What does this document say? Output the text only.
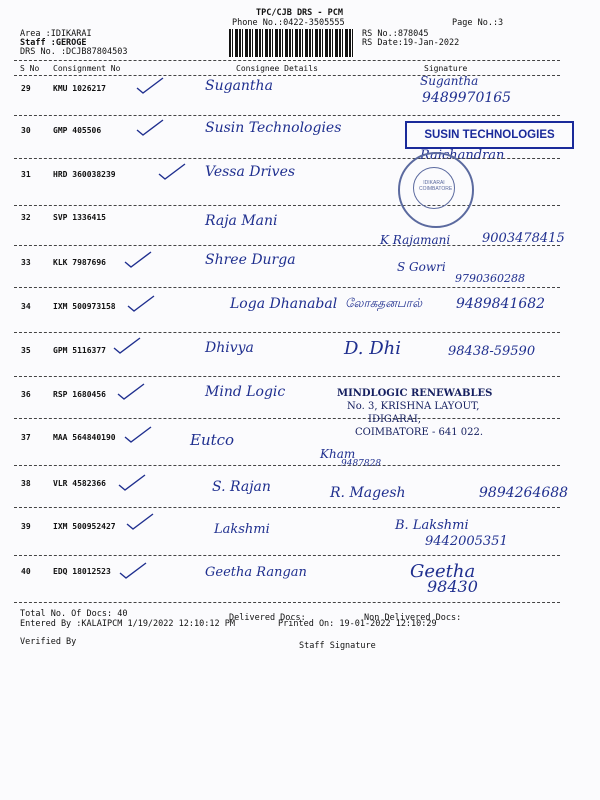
TPC/CJB DRS - PCM
Phone No.:0422-3505555	Page No.:3
Area :IDIKARAI
Staff :GEROGE
DRS No. :DCJB87804503
RS No.:878045
RS Date:19-Jan-2022
S No Consignment No	Consignee Details	Signature
29	KMU 1026217	Sugantha	Sugantha
9489970165
30	GMP 405506	Susin Technologies
Raichandran
31	HRD 360038239	Vessa Drives
32	SVP 1336415	Raja Mani
K Rajamani 9003478415
33	KLK 7987696	Shree Durga	S Gowri
9790360288
34	IXM 500973158	Loga Dhanabal லோகதனபால் 9489841682
35	GPM 5116377	Dhivya	D. Dhi	98438-59590
36	RSP 1680456	Mind Logic
37	MAA 564840190	Eutco
Kham
9487828
38	VLR 4582366	S. Rajan	R. Magesh	9894264688
39	IXM 500952427	Lakshmi	B. Lakshmi
9442005351
40	EDQ 18012523	Geetha Rangan	Geetha
98430
SUSIN TECHNOLOGIES
IDIKARAI COIMBATORE
MINDLOGIC RENEWABLES
No. 3, KRISHNA LAYOUT,
IDIGARAI,
COIMBATORE - 641 022.
Total No. Of Docs: 40	Delivered Docs:	Non Delivered Docs:
Entered By :KALAIPCM 1/19/2022 12:10:12 PM	Printed On: 19-01-2022 12:10:29
Verified By	Staff Signature
